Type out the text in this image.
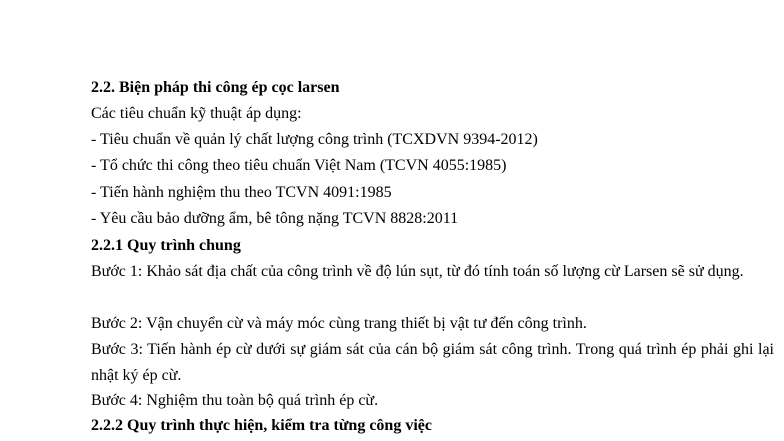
2.2. Biện pháp thi công ép cọc larsen
Các tiêu chuẩn kỹ thuật áp dụng:
- Tiêu chuẩn về quản lý chất lượng công trình (TCXDVN 9394-2012)
- Tổ chức thi công theo tiêu chuẩn Việt Nam (TCVN 4055:1985)
- Tiến hành nghiệm thu theo TCVN 4091:1985
- Yêu cầu bảo dưỡng ẩm, bê tông nặng TCVN 8828:2011
2.2.1 Quy trình chung
Bước 1: Khảo sát địa chất của công trình về độ lún sụt, từ đó tính toán số lượng cừ Larsen sẽ sử dụng.
Bước 2: Vận chuyển cừ và máy móc cùng trang thiết bị vật tư đến công trình.
Bước 3: Tiến hành ép cừ dưới sự giám sát của cán bộ giám sát công trình. Trong quá trình ép phải ghi lại nhật ký ép cừ.
Bước 4: Nghiệm thu toàn bộ quá trình ép cừ.
2.2.2 Quy trình thực hiện, kiểm tra từng công việc
